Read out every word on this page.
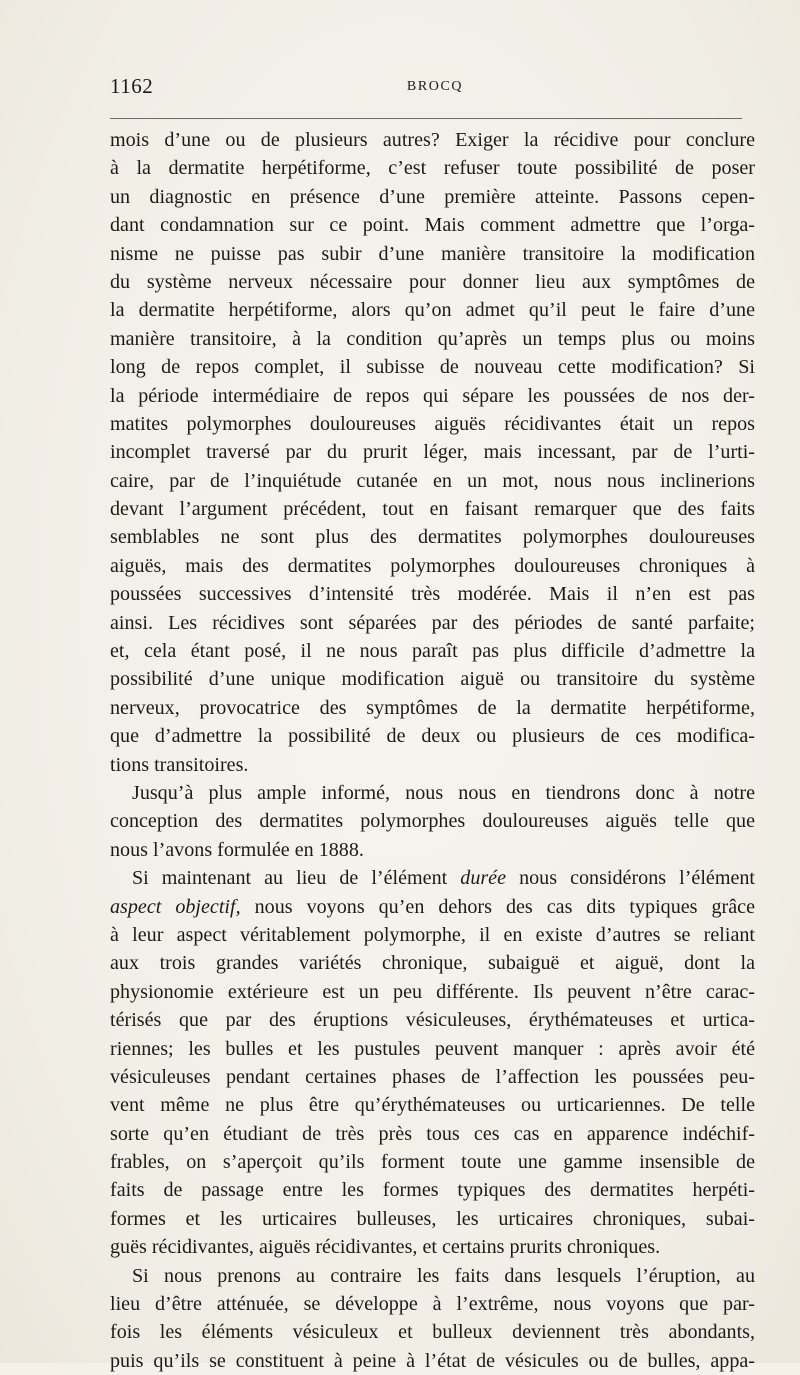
1162	BROCQ
mois d’une ou de plusieurs autres? Exiger la récidive pour conclure
à la dermatite herpétiforme, c’est refuser toute possibilité de poser
un diagnostic en présence d’une première atteinte. Passons cepen-
dant condamnation sur ce point. Mais comment admettre que l’orga-
nisme ne puisse pas subir d’une manière transitoire la modification
du système nerveux nécessaire pour donner lieu aux symptômes de
la dermatite herpétiforme, alors qu’on admet qu’il peut le faire d’une
manière transitoire, à la condition qu’après un temps plus ou moins
long de repos complet, il subisse de nouveau cette modification? Si
la période intermédiaire de repos qui sépare les poussées de nos der-
matites polymorphes douloureuses aiguës récidivantes était un repos
incomplet traversé par du prurit léger, mais incessant, par de l’urti-
caire, par de l’inquiétude cutanée en un mot, nous nous inclinerions
devant l’argument précédent, tout en faisant remarquer que des faits
semblables ne sont plus des dermatites polymorphes douloureuses
aiguës, mais des dermatites polymorphes douloureuses chroniques à
poussées successives d’intensité très modérée. Mais il n’en est pas
ainsi. Les récidives sont séparées par des périodes de santé parfaite;
et, cela étant posé, il ne nous paraît pas plus difficile d’admettre la
possibilité d’une unique modification aiguë ou transitoire du système
nerveux, provocatrice des symptômes de la dermatite herpétiforme,
que d’admettre la possibilité de deux ou plusieurs de ces modifica-
tions transitoires.
Jusqu’à plus ample informé, nous nous en tiendrons donc à notre
conception des dermatites polymorphes douloureuses aiguës telle que
nous l’avons formulée en 1888.
Si maintenant au lieu de l’élément durée nous considérons l’élément
aspect objectif, nous voyons qu’en dehors des cas dits typiques grâce
à leur aspect véritablement polymorphe, il en existe d’autres se reliant
aux trois grandes variétés chronique, subaiguë et aiguë, dont la
physionomie extérieure est un peu différente. Ils peuvent n’être carac-
térisés que par des éruptions vésiculeuses, érythémateuses et urtica-
riennes; les bulles et les pustules peuvent manquer : après avoir été
vésiculeuses pendant certaines phases de l’affection les poussées peu-
vent même ne plus être qu’érythémateuses ou urticariennes. De telle
sorte qu’en étudiant de très près tous ces cas en apparence indéchif-
frables, on s’aperçoit qu’ils forment toute une gamme insensible de
faits de passage entre les formes typiques des dermatites herpéti-
formes et les urticaires bulleuses, les urticaires chroniques, subai-
guës récidivantes, aiguës récidivantes, et certains prurits chroniques.
Si nous prenons au contraire les faits dans lesquels l’éruption, au
lieu d’être atténuée, se développe à l’extrême, nous voyons que par-
fois les éléments vésiculeux et bulleux deviennent très abondants,
puis qu’ils se constituent à peine à l’état de vésicules ou de bulles, appa-
